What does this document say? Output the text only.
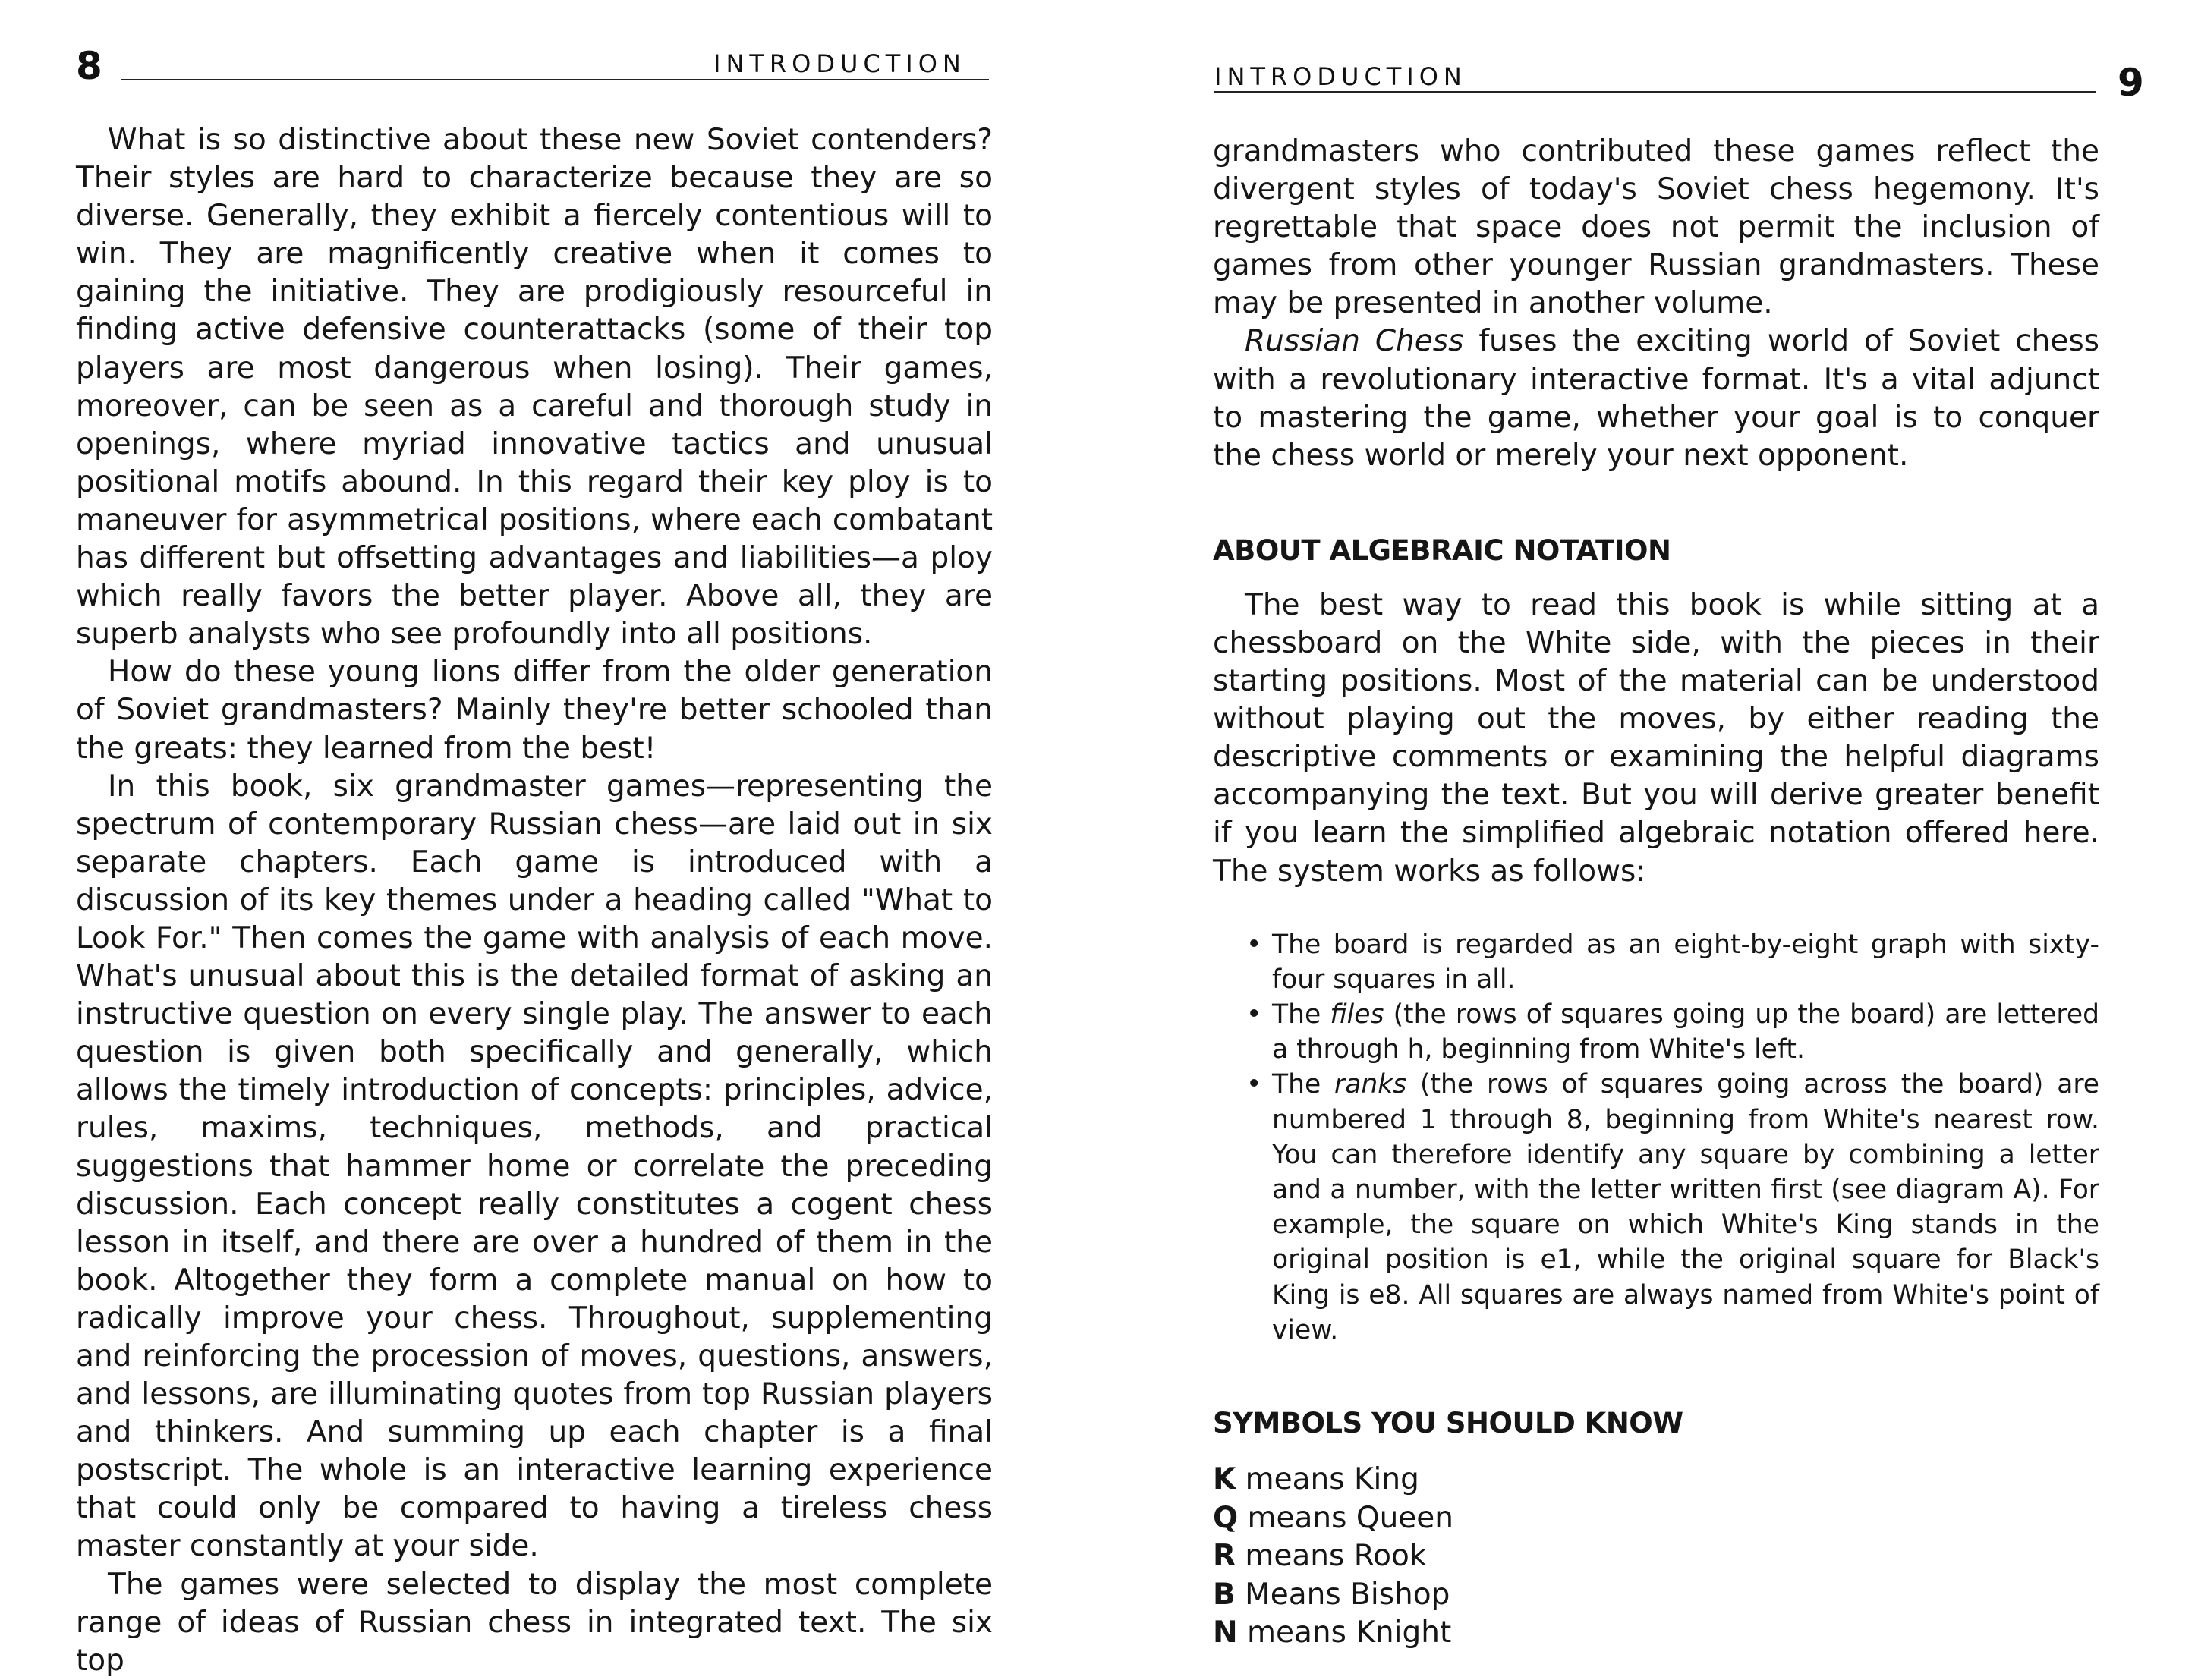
8	INTRODUCTION

What is so distinctive about these new Soviet contenders? Their styles are hard to characterize because they are so diverse. Generally, they exhibit a fiercely contentious will to win. They are magnificently creative when it comes to gaining the initiative. They are prodigiously resourceful in finding active defensive counterattacks (some of their top players are most dangerous when losing). Their games, moreover, can be seen as a careful and thorough study in openings, where myriad innovative tactics and unusual positional motifs abound. In this regard their key ploy is to maneuver for asymmetrical positions, where each combatant has different but offsetting advantages and liabilities—a ploy which really favors the better player. Above all, they are superb analysts who see profoundly into all positions.

How do these young lions differ from the older generation of Soviet grandmasters? Mainly they're better schooled than the greats: they learned from the best!

In this book, six grandmaster games—representing the spectrum of contemporary Russian chess—are laid out in six separate chapters. Each game is introduced with a discussion of its key themes under a heading called "What to Look For." Then comes the game with analysis of each move. What's unusual about this is the detailed format of asking an instructive question on every single play. The answer to each question is given both specifically and generally, which allows the timely introduction of concepts: principles, advice, rules, maxims, techniques, methods, and practical suggestions that hammer home or correlate the preceding discussion. Each concept really constitutes a cogent chess lesson in itself, and there are over a hundred of them in the book. Altogether they form a complete manual on how to radically improve your chess. Throughout, supplementing and reinforcing the procession of moves, questions, answers, and lessons, are illuminating quotes from top Russian players and thinkers. And summing up each chapter is a final postscript. The whole is an interactive learning experience that could only be compared to having a tireless chess master constantly at your side.

The games were selected to display the most complete range of ideas of Russian chess in integrated text. The six top

9
INTRODUCTION

grandmasters who contributed these games reflect the divergent styles of today's Soviet chess hegemony. It's regrettable that space does not permit the inclusion of games from other younger Russian grandmasters. These may be presented in another volume.

Russian Chess fuses the exciting world of Soviet chess with a revolutionary interactive format. It's a vital adjunct to mastering the game, whether your goal is to conquer the chess world or merely your next opponent.

ABOUT ALGEBRAIC NOTATION

The best way to read this book is while sitting at a chessboard on the White side, with the pieces in their starting positions. Most of the material can be understood without playing out the moves, by either reading the descriptive comments or examining the helpful diagrams accompanying the text. But you will derive greater benefit if you learn the simplified algebraic notation offered here. The system works as follows:

• The board is regarded as an eight-by-eight graph with sixty-four squares in all.
• The files (the rows of squares going up the board) are lettered a through h, beginning from White's left.
• The ranks (the rows of squares going across the board) are numbered 1 through 8, beginning from White's nearest row. You can therefore identify any square by combining a letter and a number, with the letter written first (see diagram A). For example, the square on which White's King stands in the original position is e1, while the original square for Black's King is e8. All squares are always named from White's point of view.

SYMBOLS YOU SHOULD KNOW

K means King
Q means Queen
R means Rook
B Means Bishop
N means Knight
